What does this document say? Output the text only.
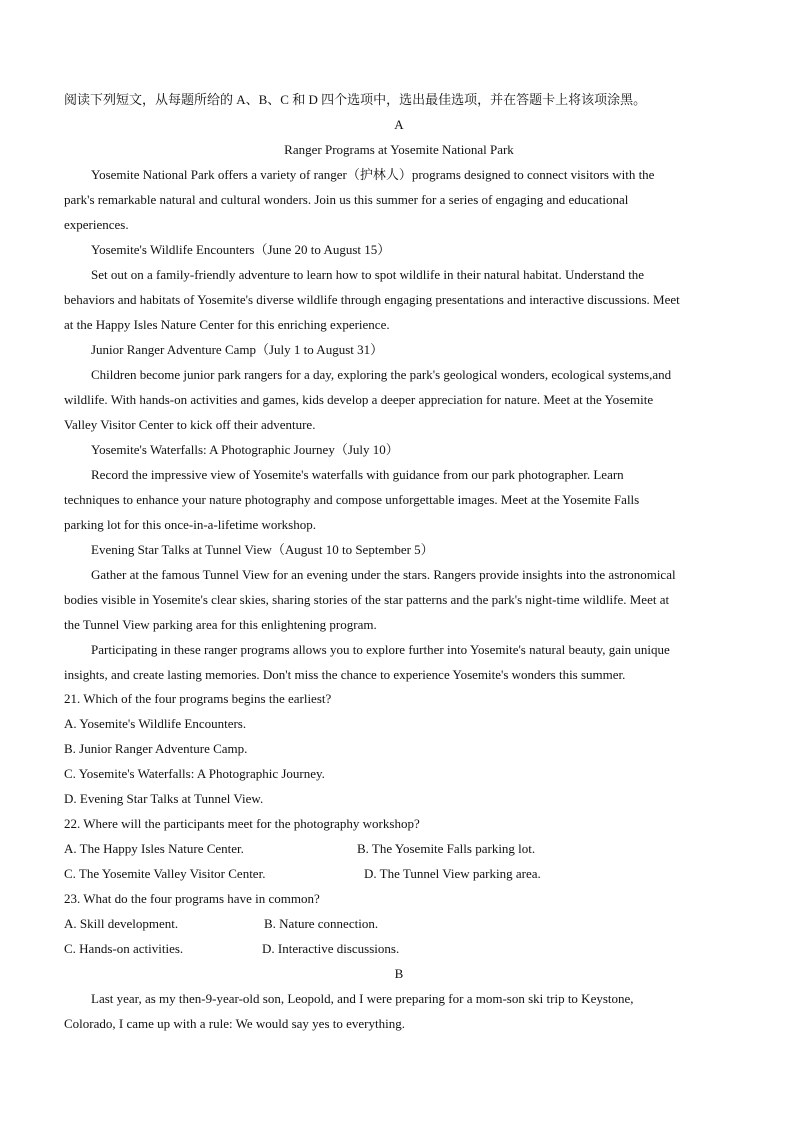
阅读下列短文，从每题所给的 A、B、C 和 D 四个选项中，选出最佳选项，并在答题卡上将该项涂黑。
A
Ranger Programs at Yosemite National Park
Yosemite National Park offers a variety of ranger（护林人）programs designed to connect visitors with the
park's remarkable natural and cultural wonders. Join us this summer for a series of engaging and educational
experiences.
Yosemite's Wildlife Encounters（June 20 to August 15）
Set out on a family-friendly adventure to learn how to spot wildlife in their natural habitat. Understand the
behaviors and habitats of Yosemite's diverse wildlife through engaging presentations and interactive discussions. Meet
at the Happy Isles Nature Center for this enriching experience.
Junior Ranger Adventure Camp（July 1 to August 31）
Children become junior park rangers for a day, exploring the park's geological wonders, ecological systems,and
wildlife. With hands-on activities and games, kids develop a deeper appreciation for nature. Meet at the Yosemite
Valley Visitor Center to kick off their adventure.
Yosemite's Waterfalls: A Photographic Journey（July 10）
Record the impressive view of Yosemite's waterfalls with guidance from our park photographer. Learn
techniques to enhance your nature photography and compose unforgettable images. Meet at the Yosemite Falls
parking lot for this once-in-a-lifetime workshop.
Evening Star Talks at Tunnel View（August 10 to September 5）
Gather at the famous Tunnel View for an evening under the stars. Rangers provide insights into the astronomical
bodies visible in Yosemite's clear skies, sharing stories of the star patterns and the park's night-time wildlife. Meet at
the Tunnel View parking area for this enlightening program.
Participating in these ranger programs allows you to explore further into Yosemite's natural beauty, gain unique
insights, and create lasting memories. Don't miss the chance to experience Yosemite's wonders this summer.
21. Which of the four programs begins the earliest?
A. Yosemite's Wildlife Encounters.
B. Junior Ranger Adventure Camp.
C. Yosemite's Waterfalls: A Photographic Journey.
D. Evening Star Talks at Tunnel View.
22. Where will the participants meet for the photography workshop?
A. The Happy Isles Nature Center.	B. The Yosemite Falls parking lot.
C. The Yosemite Valley Visitor Center.	D. The Tunnel View parking area.
23. What do the four programs have in common?
A. Skill development.	B. Nature connection.
C. Hands-on activities.	D. Interactive discussions.
B
Last year, as my then-9-year-old son, Leopold, and I were preparing for a mom-son ski trip to Keystone,
Colorado, I came up with a rule: We would say yes to everything.
